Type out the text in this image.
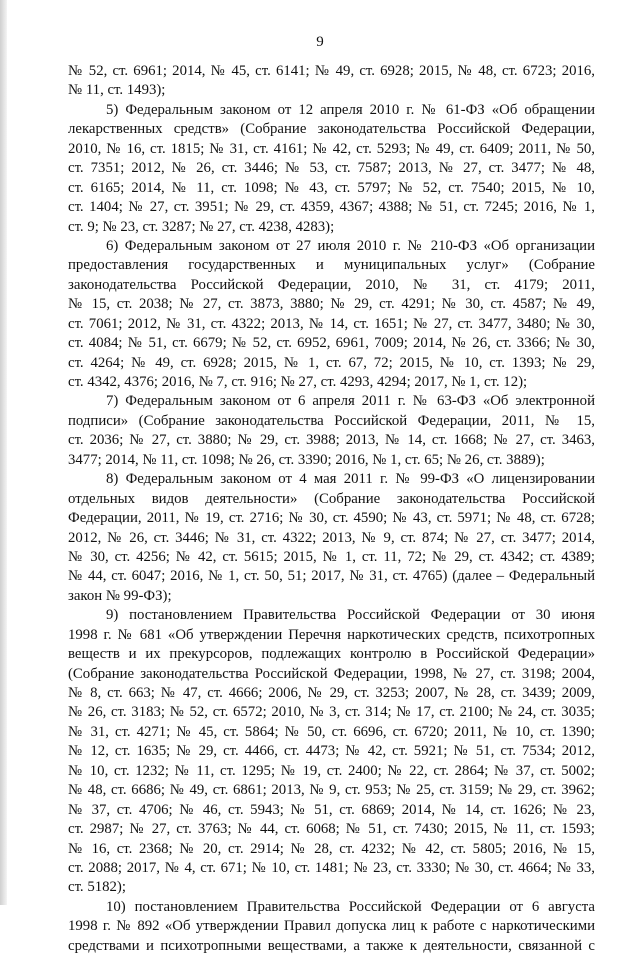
9
№ 52, ст. 6961; 2014, № 45, ст. 6141; № 49, ст. 6928; 2015, № 48, ст. 6723; 2016,
№ 11, ст. 1493);
5) Федеральным законом от 12 апреля 2010 г. № 61-ФЗ «Об обращении
лекарственных средств» (Собрание законодательства Российской Федерации,
2010, № 16, ст. 1815; № 31, ст. 4161; № 42, ст. 5293; № 49, ст. 6409; 2011, № 50,
ст. 7351; 2012, № 26, ст. 3446; № 53, ст. 7587; 2013, № 27, ст. 3477; № 48,
ст. 6165; 2014, № 11, ст. 1098; № 43, ст. 5797; № 52, ст. 7540; 2015, № 10,
ст. 1404; № 27, ст. 3951; № 29, ст. 4359, 4367; 4388; № 51, ст. 7245; 2016, № 1,
ст. 9; № 23, ст. 3287; № 27, ст. 4238, 4283);
6) Федеральным законом от 27 июля 2010 г. № 210-ФЗ «Об организации
предоставления государственных и муниципальных услуг» (Собрание
законодательства Российской Федерации, 2010, № 31, ст. 4179; 2011,
№ 15, ст. 2038; № 27, ст. 3873, 3880; № 29, ст. 4291; № 30, ст. 4587; № 49,
ст. 7061; 2012, № 31, ст. 4322; 2013, № 14, ст. 1651; № 27, ст. 3477, 3480; № 30,
ст. 4084; № 51, ст. 6679; № 52, ст. 6952, 6961, 7009; 2014, № 26, ст. 3366; № 30,
ст. 4264; № 49, ст. 6928; 2015, № 1, ст. 67, 72; 2015, № 10, ст. 1393; № 29,
ст. 4342, 4376; 2016, № 7, ст. 916; № 27, ст. 4293, 4294; 2017, № 1, ст. 12);
7) Федеральным законом от 6 апреля 2011 г. № 63-ФЗ «Об электронной
подписи» (Собрание законодательства Российской Федерации, 2011, № 15,
ст. 2036; № 27, ст. 3880; № 29, ст. 3988; 2013, № 14, ст. 1668; № 27, ст. 3463,
3477; 2014, № 11, ст. 1098; № 26, ст. 3390; 2016, № 1, ст. 65; № 26, ст. 3889);
8) Федеральным законом от 4 мая 2011 г. № 99-ФЗ «О лицензировании
отдельных видов деятельности» (Собрание законодательства Российской
Федерации, 2011, № 19, ст. 2716; № 30, ст. 4590; № 43, ст. 5971; № 48, ст. 6728;
2012, № 26, ст. 3446; № 31, ст. 4322; 2013, № 9, ст. 874; № 27, ст. 3477; 2014,
№ 30, ст. 4256; № 42, ст. 5615; 2015, № 1, ст. 11, 72; № 29, ст. 4342; ст. 4389;
№ 44, ст. 6047; 2016, № 1, ст. 50, 51; 2017, № 31, ст. 4765) (далее – Федеральный
закон № 99-ФЗ);
9) постановлением Правительства Российской Федерации от 30 июня
1998 г. № 681 «Об утверждении Перечня наркотических средств, психотропных
веществ и их прекурсоров, подлежащих контролю в Российской Федерации»
(Собрание законодательства Российской Федерации, 1998, № 27, ст. 3198; 2004,
№ 8, ст. 663; № 47, ст. 4666; 2006, № 29, ст. 3253; 2007, № 28, ст. 3439; 2009,
№ 26, ст. 3183; № 52, ст. 6572; 2010, № 3, ст. 314; № 17, ст. 2100; № 24, ст. 3035;
№ 31, ст. 4271; № 45, ст. 5864; № 50, ст. 6696, ст. 6720; 2011, № 10, ст. 1390;
№ 12, ст. 1635; № 29, ст. 4466, ст. 4473; № 42, ст. 5921; № 51, ст. 7534; 2012,
№ 10, ст. 1232; № 11, ст. 1295; № 19, ст. 2400; № 22, ст. 2864; № 37, ст. 5002;
№ 48, ст. 6686; № 49, ст. 6861; 2013, № 9, ст. 953; № 25, ст. 3159; № 29, ст. 3962;
№ 37, ст. 4706; № 46, ст. 5943; № 51, ст. 6869; 2014, № 14, ст. 1626; № 23,
ст. 2987; № 27, ст. 3763; № 44, ст. 6068; № 51, ст. 7430; 2015, № 11, ст. 1593;
№ 16, ст. 2368; № 20, ст. 2914; № 28, ст. 4232; № 42, ст. 5805; 2016, № 15,
ст. 2088; 2017, № 4, ст. 671; № 10, ст. 1481; № 23, ст. 3330; № 30, ст. 4664; № 33,
ст. 5182);
10) постановлением Правительства Российской Федерации от 6 августа
1998 г. № 892 «Об утверждении Правил допуска лиц к работе с наркотическими
средствами и психотропными веществами, а также к деятельности, связанной с
